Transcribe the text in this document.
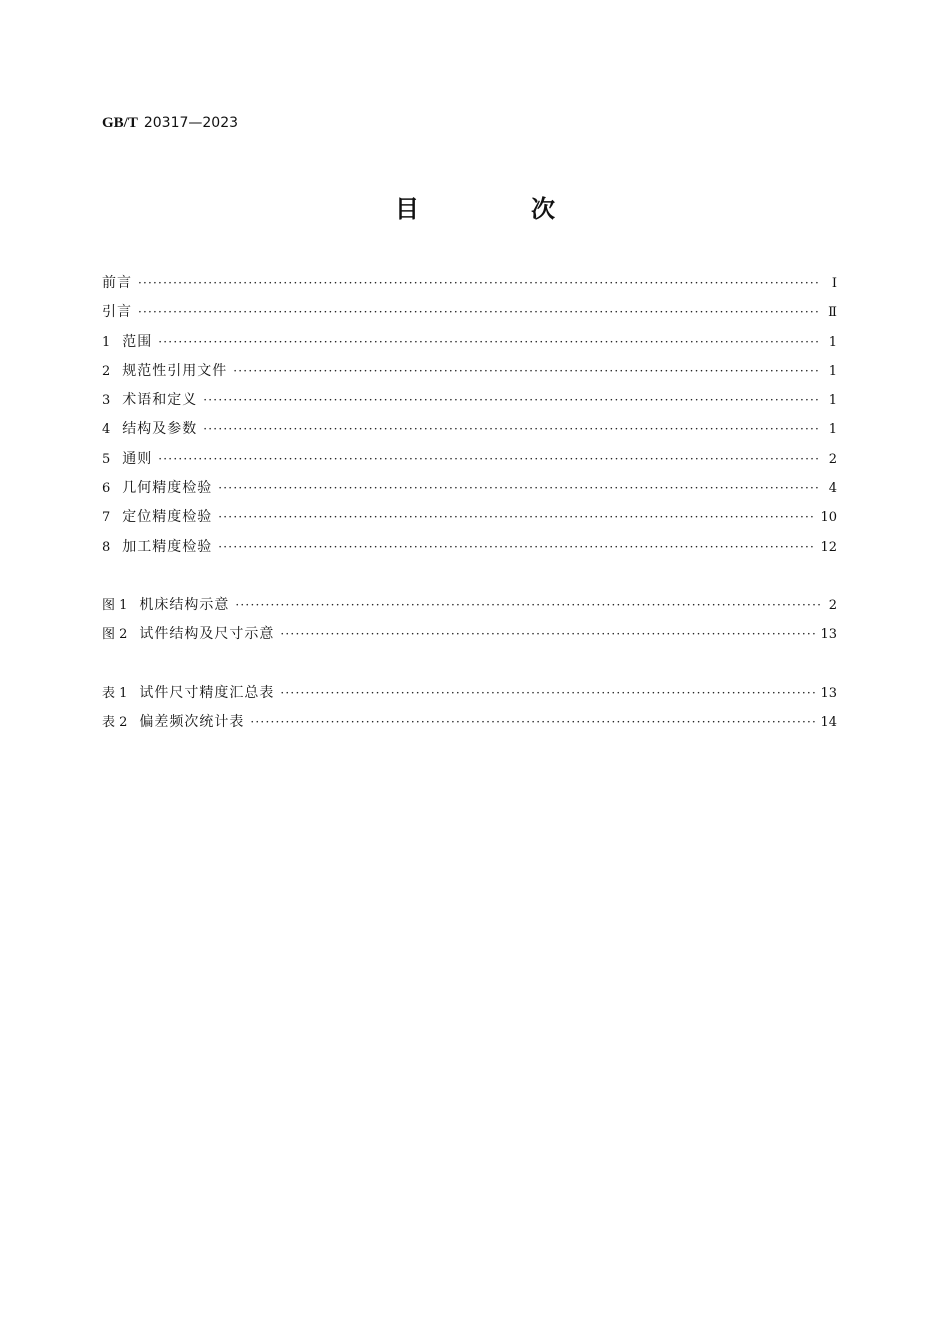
GB/T 20317—2023
目　次
前言 ·····	Ⅰ
引言 ·····	Ⅱ
1 范围 ·····	1
2 规范性引用文件 ·····	1
3 术语和定义 ·····	1
4 结构及参数 ·····	1
5 通则 ·····	2
6 几何精度检验 ·····	4
7 定位精度检验 ·····	10
8 加工精度检验 ·····	12
图 1 机床结构示意 ·····	2
图 2 试件结构及尺寸示意 ·····	13
表 1 试件尺寸精度汇总表 ·····	13
表 2 偏差频次统计表 ·····	14
